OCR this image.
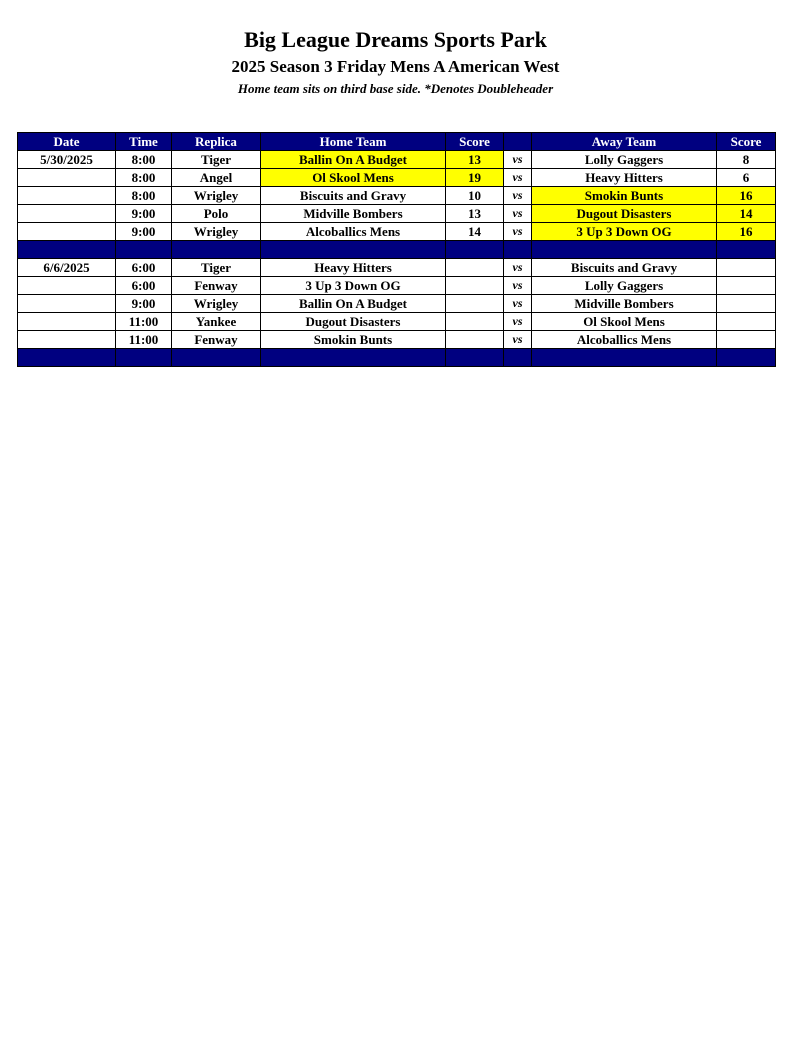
Big League Dreams Sports Park
2025 Season 3 Friday Mens A American West
Home team sits on third base side. *Denotes Doubleheader
Date	Time	Replica	Home Team	Score		Away Team	Score
5/30/2025	8:00	Tiger	Ballin On A Budget	13	vs	Lolly Gaggers	8
	8:00	Angel	Ol Skool Mens	19	vs	Heavy Hitters	6
	8:00	Wrigley	Biscuits and Gravy	10	vs	Smokin Bunts	16
	9:00	Polo	Midville Bombers	13	vs	Dugout Disasters	14
	9:00	Wrigley	Alcoballics Mens	14	vs	3 Up 3 Down OG	16

6/6/2025	6:00	Tiger	Heavy Hitters		vs	Biscuits and Gravy	
	6:00	Fenway	3 Up 3 Down OG		vs	Lolly Gaggers	
	9:00	Wrigley	Ballin On A Budget		vs	Midville Bombers	
	11:00	Yankee	Dugout Disasters		vs	Ol Skool Mens	
	11:00	Fenway	Smokin Bunts		vs	Alcoballics Mens	
